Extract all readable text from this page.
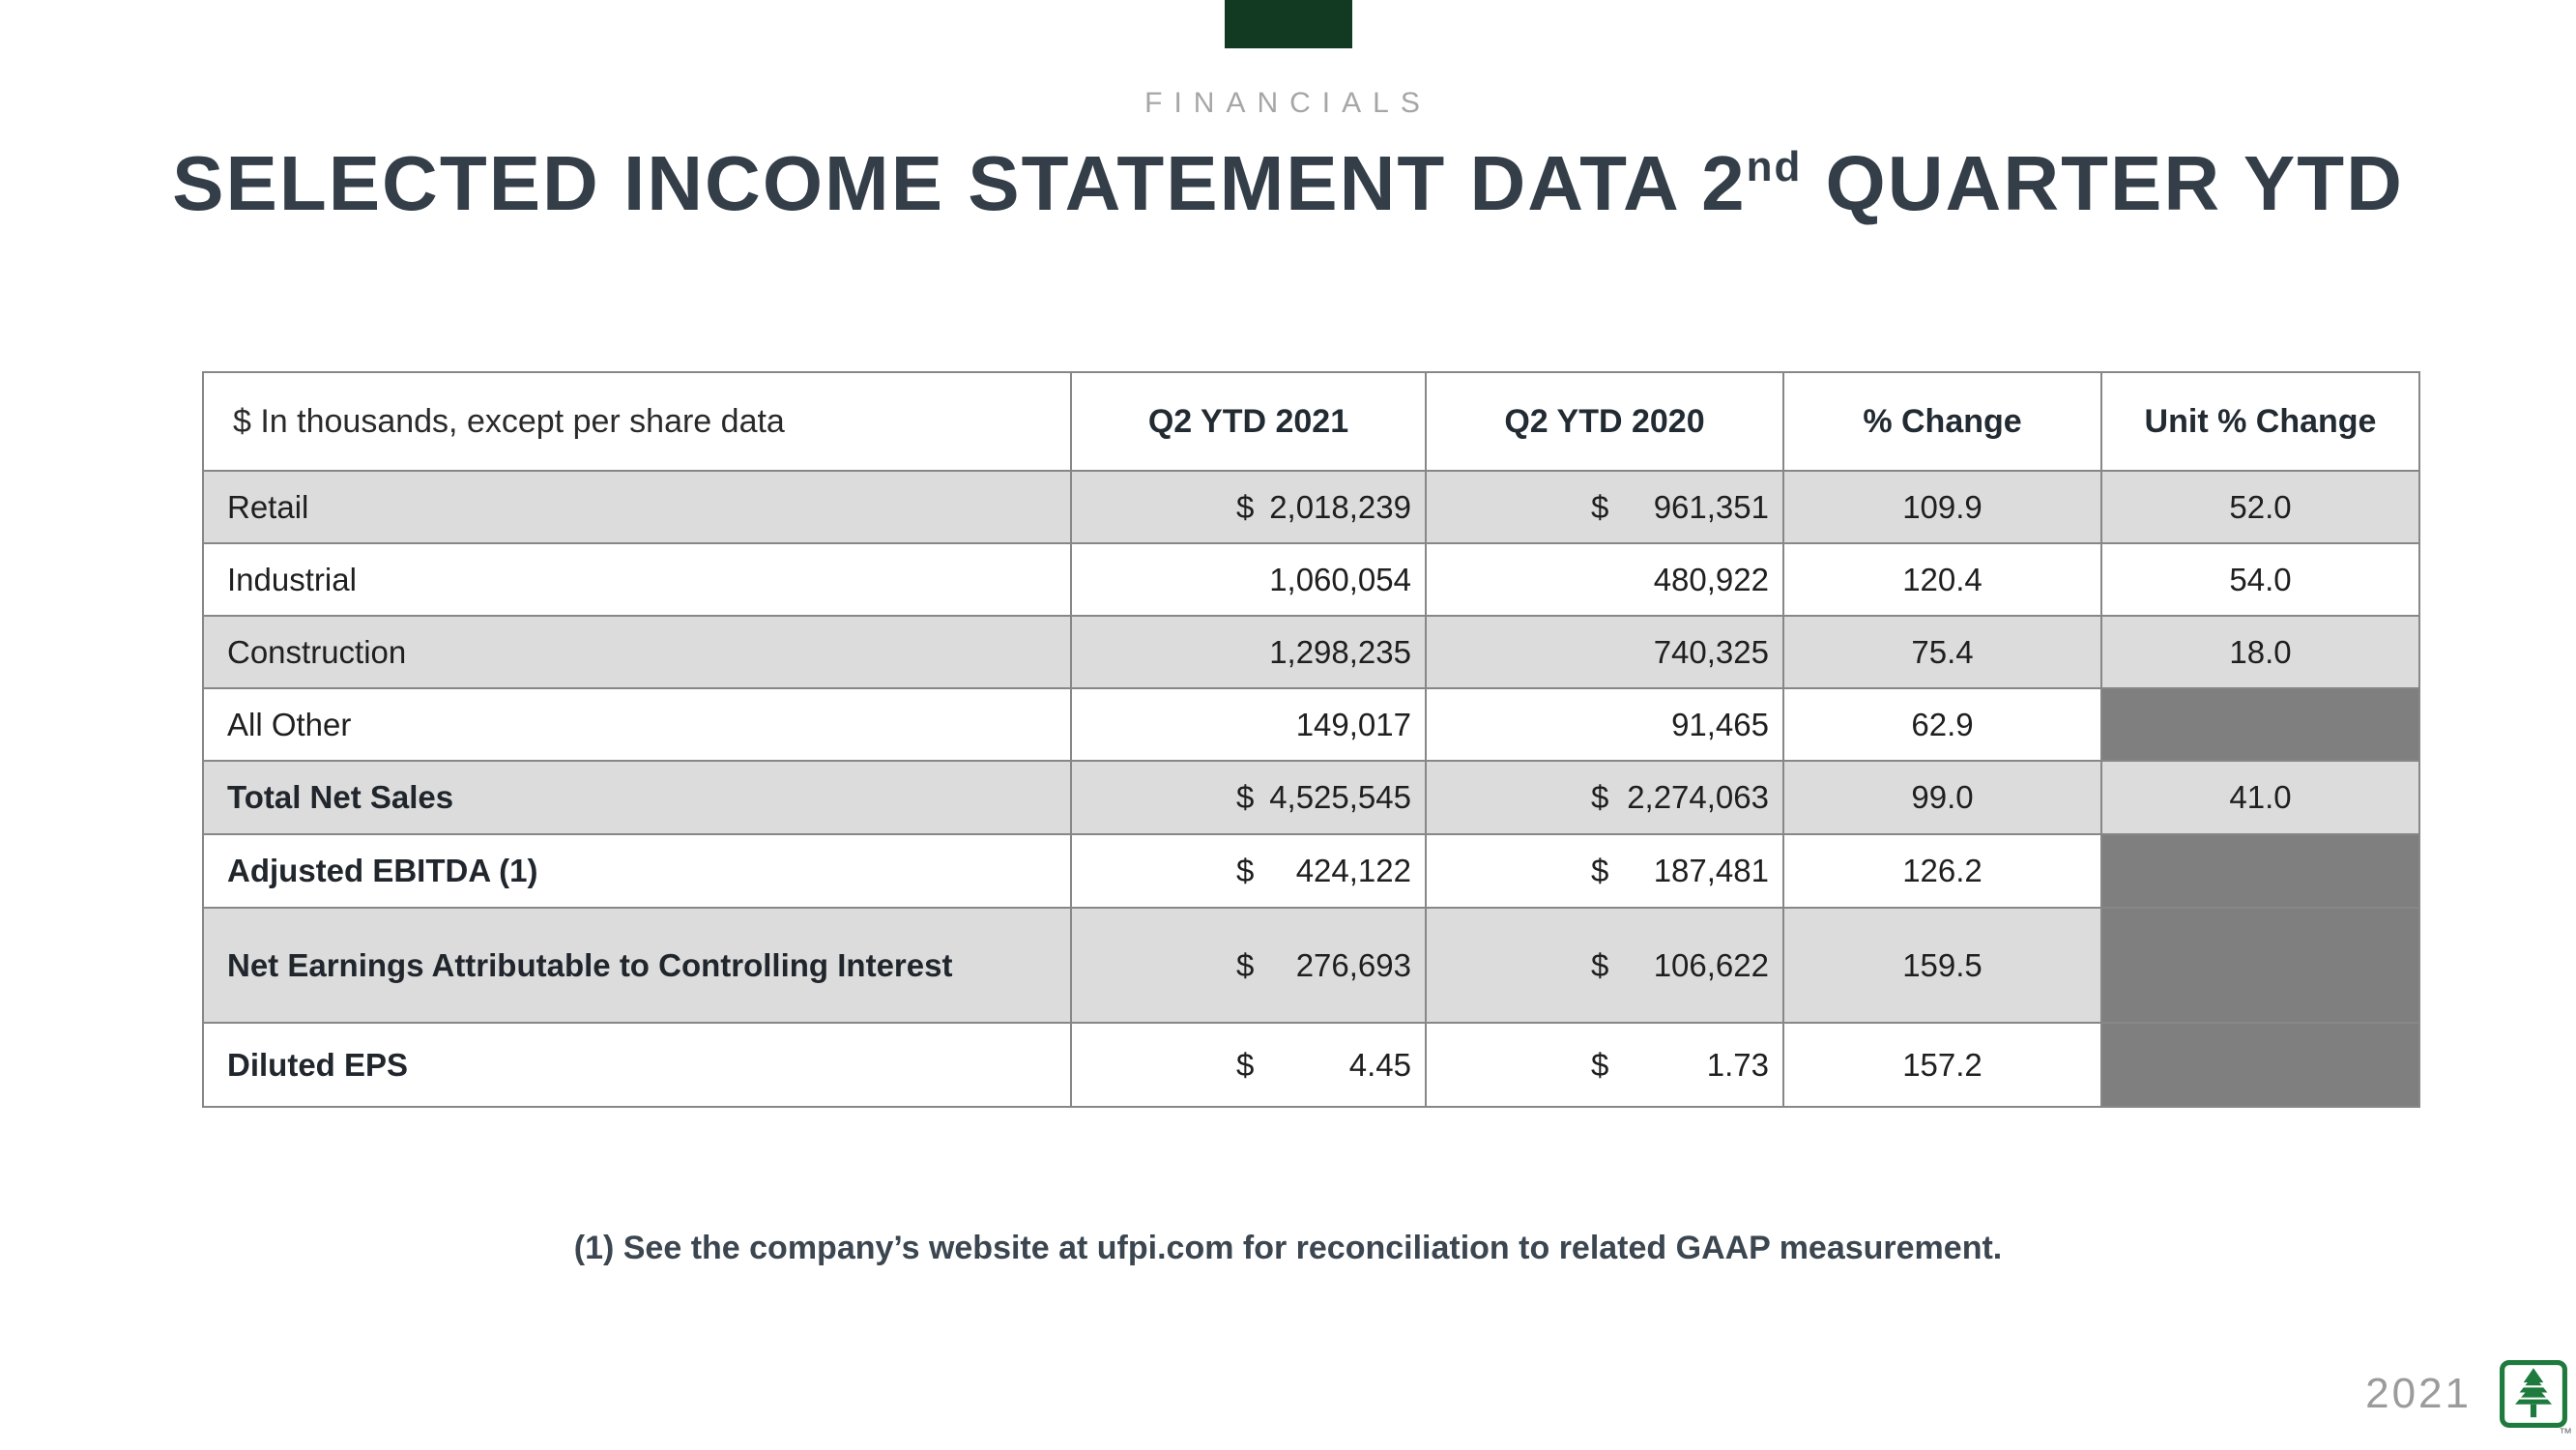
FINANCIALS
SELECTED INCOME STATEMENT DATA 2nd QUARTER YTD
$ In thousands, except per share data	Q2 YTD 2021	Q2 YTD 2020	% Change	Unit % Change
Retail	$ 2,018,239	$ 961,351	109.9	52.0
Industrial	1,060,054	480,922	120.4	54.0
Construction	1,298,235	740,325	75.4	18.0
All Other	149,017	91,465	62.9	
Total Net Sales	$ 4,525,545	$ 2,274,063	99.0	41.0
Adjusted EBITDA (1)	$ 424,122	$ 187,481	126.2	
Net Earnings Attributable to Controlling Interest	$ 276,693	$ 106,622	159.5	
Diluted EPS	$ 4.45	$ 1.73	157.2	
(1) See the company’s website at ufpi.com for reconciliation to related GAAP measurement.
2021
™
